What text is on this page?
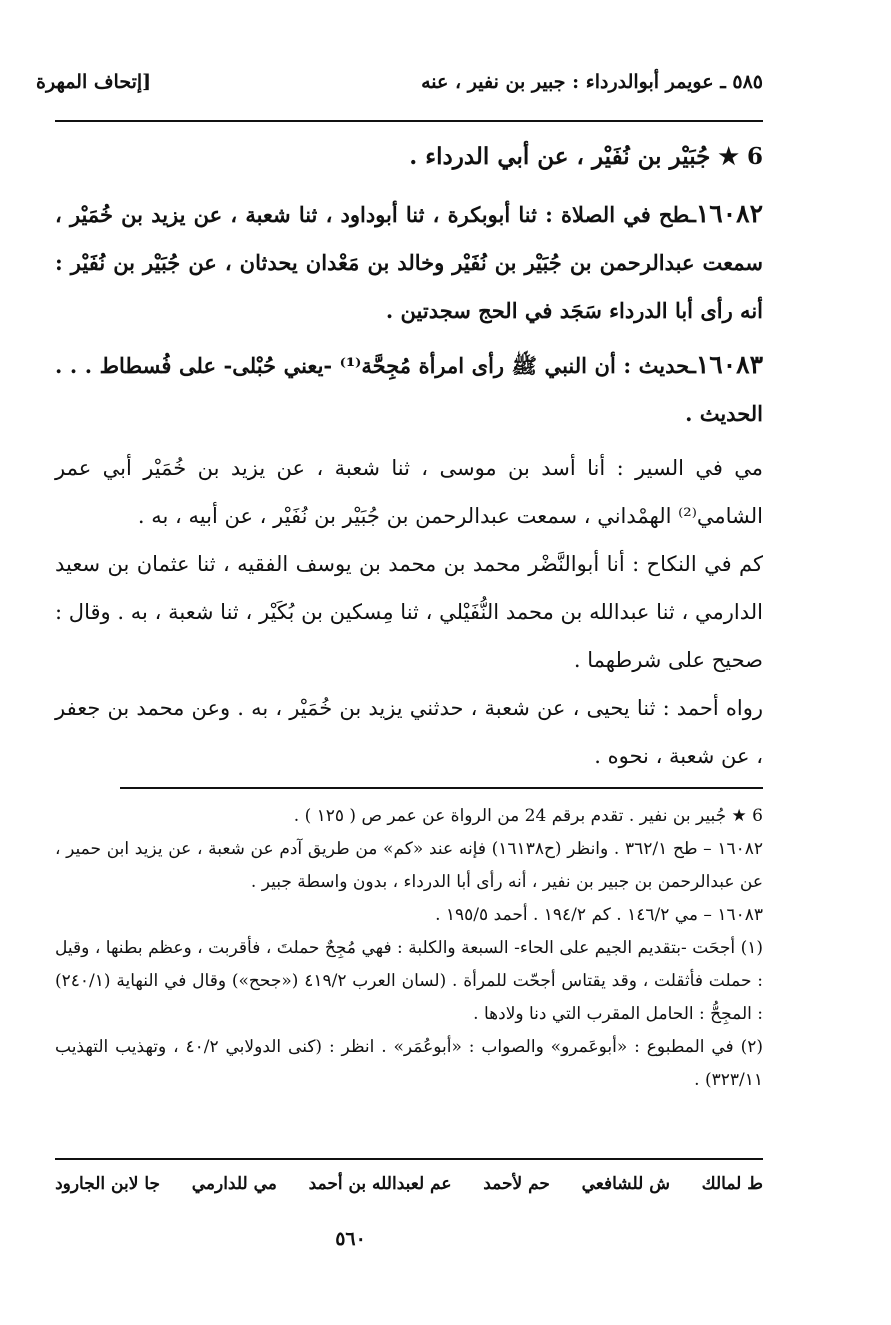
٥٨٥ ـ عويمر أبوالدرداء : جبير بن نفير ، عنه
[إتحاف المهرة

6 ★ جُبَيْر بن نُفَيْر ، عن أبي الدرداء .

١٦٠٨٢ـطح في الصلاة : ثنا أبوبكرة ، ثنا أبوداود ، ثنا شعبة ، عن يزيد بن خُمَيْر ، سمعت عبدالرحمن بن جُبَيْر بن نُفَيْر وخالد بن مَعْدان يحدثان ، عن جُبَيْر بن نُفَيْر : أنه رأى أبا الدرداء سَجَد في الحج سجدتين .

١٦٠٨٣ـحديث : أن النبي ﷺ رأى امرأة مُجِحَّة⁽¹⁾ -يعني حُبْلى- على فُسطاط . . . الحديث .

مي في السير : أنا أسد بن موسى ، ثنا شعبة ، عن يزيد بن خُمَيْر أبي عمر الشامي⁽²⁾ الهمْداني ، سمعت عبدالرحمن بن جُبَيْر بن نُفَيْر ، عن أبيه ، به .

كم في النكاح : أنا أبوالنَّضْر محمد بن محمد بن يوسف الفقيه ، ثنا عثمان بن سعيد الدارمي ، ثنا عبدالله بن محمد النُّفَيْلي ، ثنا مِسكين بن بُكَيْر ، ثنا شعبة ، به . وقال : صحيح على شرطهما .

رواه أحمد : ثنا يحيى ، عن شعبة ، حدثني يزيد بن خُمَيْر ، به . وعن محمد بن جعفر ، عن شعبة ، نحوه .

6 ★ جُبير بن نفير . تقدم برقم 24 من الرواة عن عمر ص ( ١٢٥ ) .

١٦٠٨٢ – طح ٣٦٢/١ . وانظر (ح١٦١٣٨) فإنه عند «كم» من طريق آدم عن شعبة ، عن يزيد ابن حمير ، عن عبدالرحمن بن جبير بن نفير ، أنه رأى أبا الدرداء ، بدون واسطة جبير .

١٦٠٨٣ – مي ١٤٦/٢ . كم ١٩٤/٢ . أحمد ١٩٥/٥ .

(١) أجحَت -بتقديم الجيم على الحاء- السبعة والكلبة : فهي مُجِحٌ حملتَ ، فأقربت ، وعظم بطنها ، وقيل : حملت فأثقلت ، وقد يقتاس أجحّت للمرأة . (لسان العرب ٤١٩/٢ («جحح») وقال في النهاية (٢٤٠/١) : المجِحُّ : الحامل المقرب التي دنا ولادها .

(٢) في المطبوع : «أبوعَمرو» والصواب : «أبوعُمَر» . انظر : (كنى الدولابي ٤٠/٢ ، وتهذيب التهذيب ٣٢٣/١١) .

ط لمالك
ش للشافعي
حم لأحمد
عم لعبدالله بن أحمد
مي للدارمي
جا لابن الجارود
٥٦٠
